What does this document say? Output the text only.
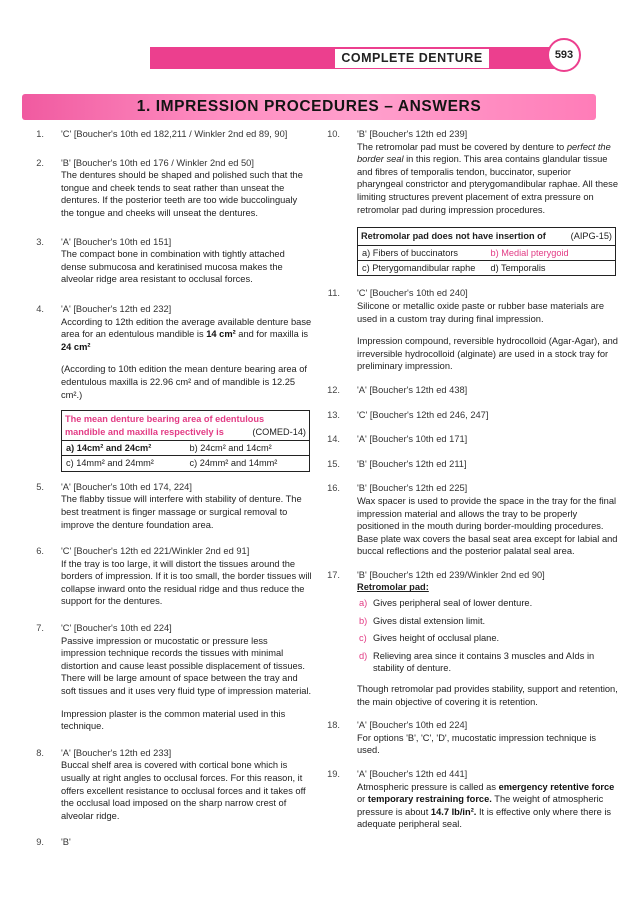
COMPLETE DENTURE	593
1. IMPRESSION PROCEDURES – ANSWERS
1. 'C' [Boucher's 10th ed 182,211 / Winkler 2nd ed 89, 90]
2. 'B' [Boucher's 10th ed 176 / Winkler 2nd ed 50]

The dentures should be shaped and polished such that the tongue and cheek tends to seat rather than unseat the dentures. If the posterior teeth are too wide buccolingualy the tongue and cheeks will unseat the dentures.

3. 'A' [Boucher's 10th ed 151]

The compact bone in combination with tightly attached dense submucosa and keratinised mucosa makes the alveolar ridge area resistant to occlusal forces.

4. 'A' [Boucher's 12th ed 232]

According to 12th edition the average available denture base area for an edentulous mandible is 14 cm² and for maxilla is 24 cm²

(According to 10th edition the mean denture bearing area of edentulous maxilla is 22.96 cm² and of mandible is 12.25 cm².)

The mean denture bearing area of edentulous mandible and maxilla respectively is	(COMED-14)
a) 14cm² and 24cm²	b) 24cm² and 14cm²
c) 14mm² and 24mm²	c) 24mm² and 14mm²
5. 'A' [Boucher's 10th ed 174, 224]

The flabby tissue will interfere with stability of denture. The best treatment is finger massage or surgical removal to improve the denture foundation area.

6. 'C' [Boucher's 12th ed 221/Winkler 2nd ed 91]

If the tray is too large, it will distort the tissues around the borders of impression. If it is too small, the border tissues will collapse inward onto the residual ridge and thus reduce the support for the dentures.

7. 'C' [Boucher's 10th ed 224]

Passive impression or mucostatic or pressure less impression technique records the tissues with minimal distortion and cause least possible displacement of tissues. There will be large amount of space between the tray and soft tissues and it uses very fluid type of impression material.

Impression plaster is the common material used in this technique.

8. 'A' [Boucher's 12th ed 233]

Buccal shelf area is covered with cortical bone which is usually at right angles to occlusal forces. For this reason, it offers excellent resistance to occlusal forces and it takes off the occlusal load imposed on the sharp narrow crest of alveolar ridge.

9. 'B'
10. 'B' [Boucher's 12th ed 239]

The retromolar pad must be covered by denture to perfect the border seal in this region. This area contains glandular tissue and fibres of temporalis tendon, buccinator, superior pharyngeal constrictor and pterygomandibular raphae. All these limiting structures prevent placement of extra pressure on retromolar pad during impression procedures.

Retromolar pad does not have insertion of	(AIPG-15)
a) Fibers of buccinators	b) Medial pterygoid
c) Pterygomandibular raphe	d) Temporalis
11. 'C' [Boucher's 10th ed 240]

Silicone or metallic oxide paste or rubber base materials are used in a custom tray during final impression.

Impression compound, reversible hydrocolloid (Agar-Agar), and irreversible hydrocolloid (alginate) are used in a stock tray for preliminary impression.

12. 'A' [Boucher's 12th ed 438]
13. 'C' [Boucher's 12th ed 246, 247]
14. 'A' [Boucher's 10th ed 171]
15. 'B' [Boucher's 12th ed 211]
16. 'B' [Boucher's 12th ed 225]

Wax spacer is used to provide the space in the tray for the final impression material and allows the tray to be properly positioned in the mouth during border-moulding procedures. Base plate wax covers the basal seat area except for labial and buccal reflections and the posterior palatal seal area.

17. 'B' [Boucher's 12th ed 239/Winkler 2nd ed 90]

Retromolar pad:

a) Gives peripheral seal of lower denture.
b) Gives distal extension limit.
c) Gives height of occlusal plane.
d) Relieving area since it contains 3 muscles and AIds in stability of denture.

Though retromolar pad provides stability, support and retention, the main objective of covering it is retention.

18. 'A' [Boucher's 10th ed 224]

For options 'B', 'C', 'D', mucostatic impression technique is used.

19. 'A' [Boucher's 12th ed 441]

Atmospheric pressure is called as emergency retentive force or temporary restraining force. The weight of atmospheric pressure is about 14.7 lb/in². It is effective only where there is adequate peripheral seal.
